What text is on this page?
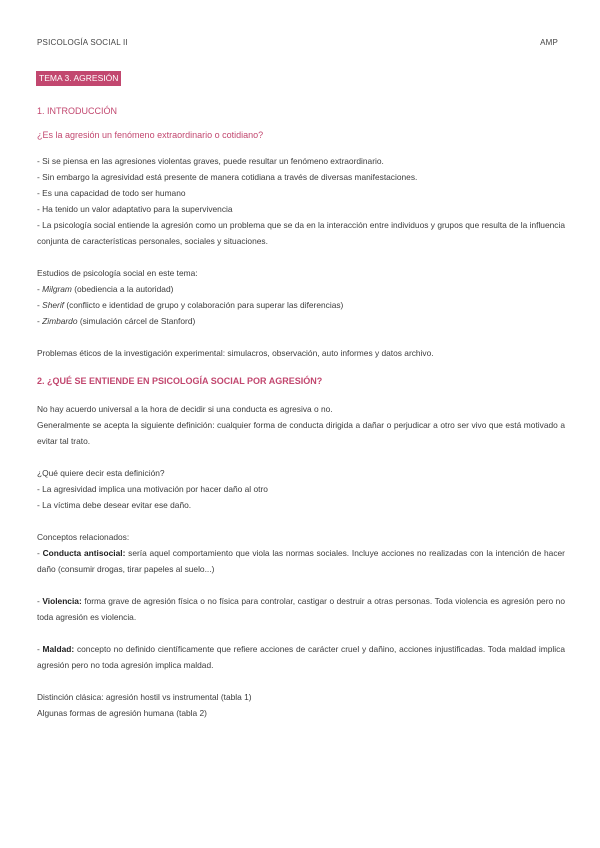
PSICOLOGÍA SOCIAL II	AMP
TEMA 3. AGRESIÓN
1. INTRODUCCIÓN
¿Es la agresión un fenómeno extraordinario o cotidiano?
- Si se piensa en las agresiones violentas graves, puede resultar un fenómeno extraordinario.
- Sin embargo la agresividad está presente de manera cotidiana a través de diversas manifestaciones.
- Es una capacidad de todo ser humano
- Ha tenido un valor adaptativo para la supervivencia
- La psicología social entiende la agresión como un problema que se da en la interacción entre individuos y grupos que resulta de la influencia conjunta de características personales, sociales y situaciones.
Estudios de psicología social en este tema:
- Milgram (obediencia a la autoridad)
- Sherif (conflicto e identidad de grupo y colaboración para superar las diferencias)
- Zimbardo (simulación cárcel de Stanford)
Problemas éticos de la investigación experimental: simulacros, observación, auto informes y datos archivo.
2. ¿QUÉ SE ENTIENDE EN PSICOLOGÍA SOCIAL POR AGRESIÓN?
No hay acuerdo universal a la hora de decidir si una conducta es agresiva o no.
Generalmente se acepta la siguiente definición: cualquier forma de conducta dirigida a dañar o perjudicar a otro ser vivo que está motivado a evitar tal trato.
¿Qué quiere decir esta definición?
- La agresividad implica una motivación por hacer daño al otro
- La víctima debe desear evitar ese daño.
Conceptos relacionados:
- Conducta antisocial: sería aquel comportamiento que viola las normas sociales. Incluye acciones no realizadas con la intención de hacer daño (consumir drogas, tirar papeles al suelo...)
- Violencia: forma grave de agresión física o no física para controlar, castigar o destruir a otras personas. Toda violencia es agresión pero no toda agresión es violencia.
- Maldad: concepto no definido científicamente que refiere acciones de carácter cruel y dañino, acciones injustificadas. Toda maldad implica agresión pero no toda agresión implica maldad.
Distinción clásica: agresión hostil vs instrumental (tabla 1)
Algunas formas de agresión humana (tabla 2)
